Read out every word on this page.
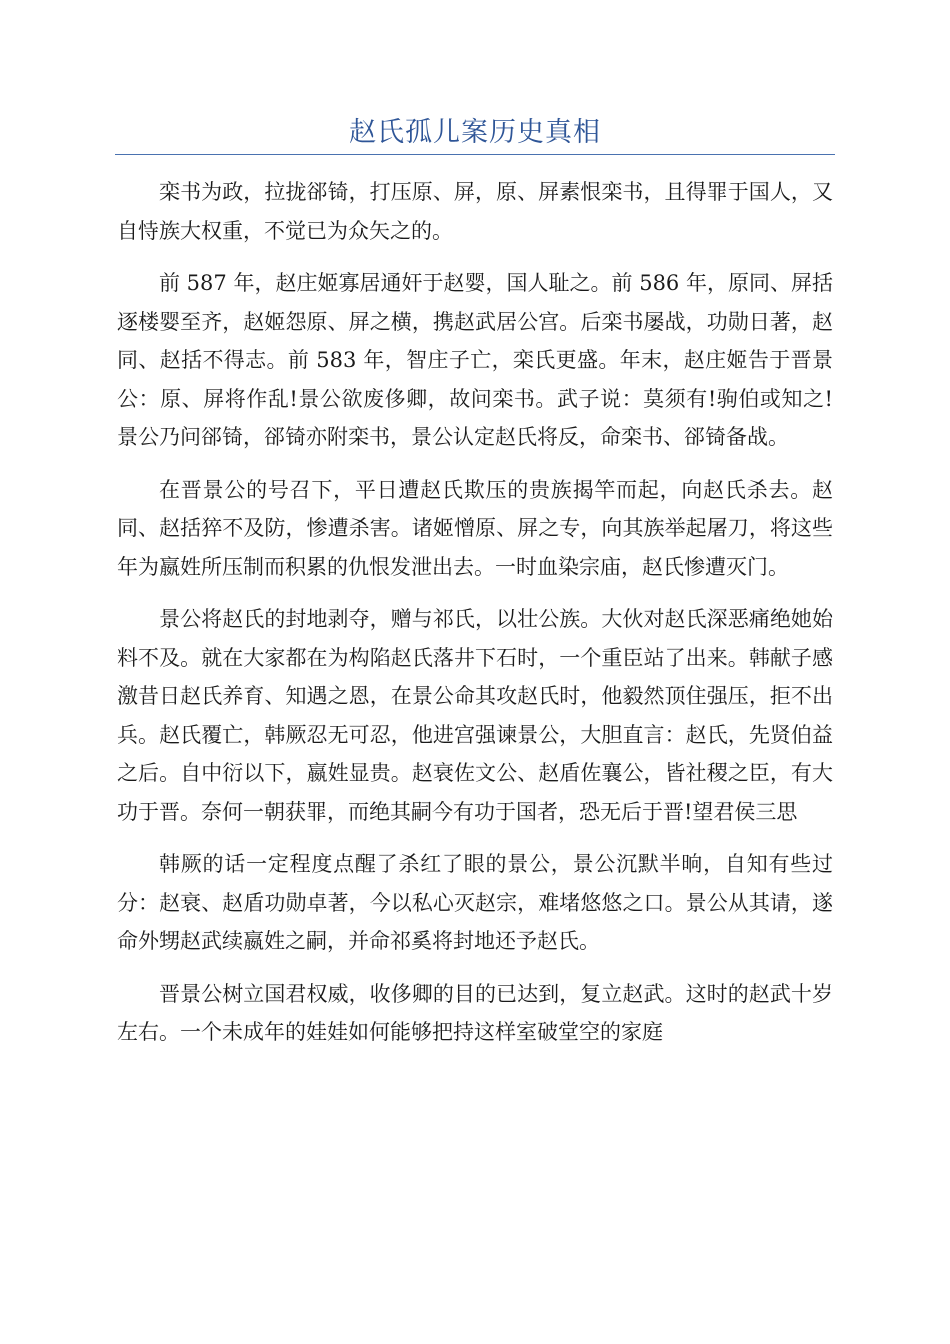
赵氏孤儿案历史真相

栾书为政，拉拢郤锜，打压原、屏，原、屏素恨栾书，且得罪于国人，又自恃族大权重，不觉已为众矢之的。

前 587 年，赵庄姬寡居通奸于赵婴，国人耻之。前 586 年，原同、屏括逐楼婴至齐，赵姬怨原、屏之横，携赵武居公宫。后栾书屡战，功勋日著，赵同、赵括不得志。前 583 年，智庄子亡，栾氏更盛。年末，赵庄姬告于晋景公：原、屏将作乱!景公欲废侈卿，故问栾书。武子说：莫须有!驹伯或知之!景公乃问郤锜，郤锜亦附栾书，景公认定赵氏将反，命栾书、郤锜备战。

在晋景公的号召下，平日遭赵氏欺压的贵族揭竿而起，向赵氏杀去。赵同、赵括猝不及防，惨遭杀害。诸姬憎原、屏之专，向其族举起屠刀，将这些年为嬴姓所压制而积累的仇恨发泄出去。一时血染宗庙，赵氏惨遭灭门。

景公将赵氏的封地剥夺，赠与祁氏，以壮公族。大伙对赵氏深恶痛绝她始料不及。就在大家都在为构陷赵氏落井下石时，一个重臣站了出来。韩献子感激昔日赵氏养育、知遇之恩，在景公命其攻赵氏时，他毅然顶住强压，拒不出兵。赵氏覆亡，韩厥忍无可忍，他进宫强谏景公，大胆直言：赵氏，先贤伯益之后。自中衍以下，嬴姓显贵。赵衰佐文公、赵盾佐襄公，皆社稷之臣，有大功于晋。奈何一朝获罪，而绝其嗣今有功于国者，恐无后于晋!望君侯三思

韩厥的话一定程度点醒了杀红了眼的景公，景公沉默半晌，自知有些过分：赵衰、赵盾功勋卓著，今以私心灭赵宗，难堵悠悠之口。景公从其请，遂命外甥赵武续嬴姓之嗣，并命祁奚将封地还予赵氏。

晋景公树立国君权威，收侈卿的目的已达到，复立赵武。这时的赵武十岁左右。一个未成年的娃娃如何能够把持这样室破堂空的家庭
